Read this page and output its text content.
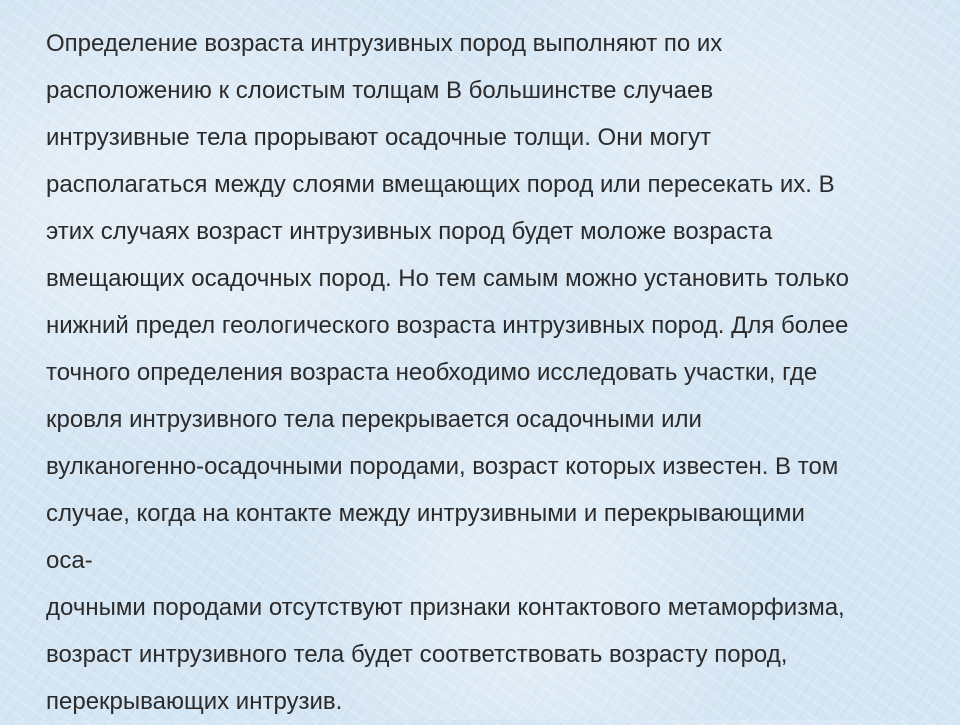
Определение возраста интрузивных пород выполняют по их
расположению к слоистым толщам В большинстве случаев
интрузивные тела прорывают осадочные толщи. Они могут
располагаться между слоями вмещающих пород или пересекать их. В
этих случаях возраст интрузивных пород будет моложе возраста
вмещающих осадочных пород. Но тем самым можно установить только
нижний предел геологического возраста интрузивных пород. Для более
точного определения возраста необходимо исследовать участки, где
кровля интрузивного тела перекрывается осадочными или
вулканогенно-осадочными породами, возраст которых известен. В том
случае, когда на контакте между интрузивными и перекрывающими
оса-
дочными породами отсутствуют признаки контактового метаморфизма,
возраст интрузивного тела будет соответствовать возрасту пород,
перекрывающих интрузив.
